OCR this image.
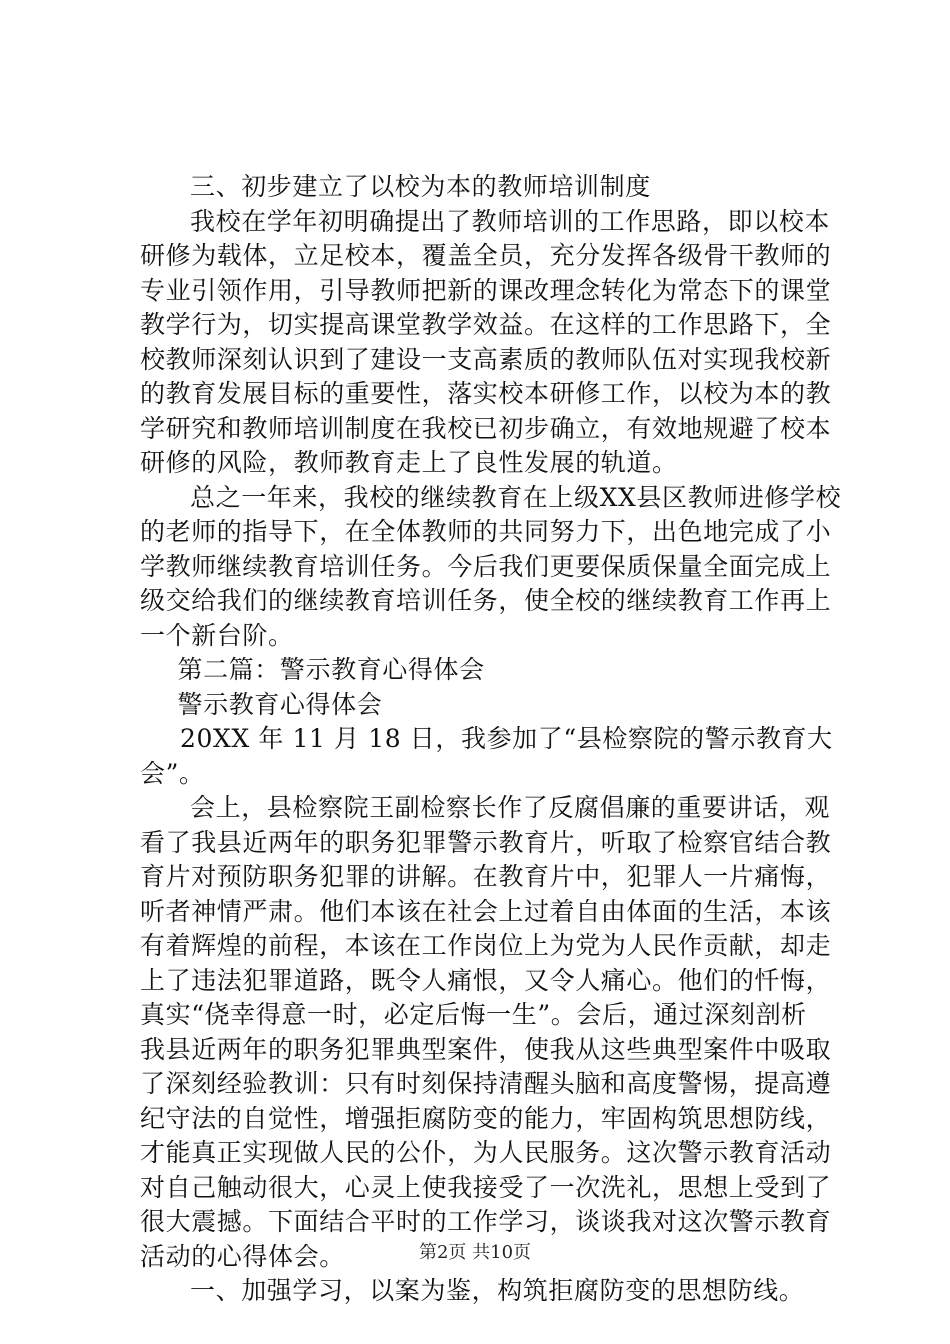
三、初步建立了以校为本的教师培训制度
我校在学年初明确提出了教师培训的工作思路，即以校本
研修为载体，立足校本，覆盖全员，充分发挥各级骨干教师的
专业引领作用，引导教师把新的课改理念转化为常态下的课堂
教学行为，切实提高课堂教学效益。在这样的工作思路下，全
校教师深刻认识到了建设一支高素质的教师队伍对实现我校新
的教育发展目标的重要性，落实校本研修工作，以校为本的教
学研究和教师培训制度在我校已初步确立，有效地规避了校本
研修的风险，教师教育走上了良性发展的轨道。
总之一年来，我校的继续教育在上级XX县区教师进修学校
的老师的指导下，在全体教师的共同努力下，出色地完成了小
学教师继续教育培训任务。今后我们更要保质保量全面完成上
级交给我们的继续教育培训任务，使全校的继续教育工作再上
一个新台阶。
第二篇：警示教育心得体会
警示教育心得体会
20XX 年 11 月 18 日，我参加了“县检察院的警示教育大
会”。
会上，县检察院王副检察长作了反腐倡廉的重要讲话，观
看了我县近两年的职务犯罪警示教育片，听取了检察官结合教
育片对预防职务犯罪的讲解。在教育片中，犯罪人一片痛悔，
听者神情严肃。他们本该在社会上过着自由体面的生活，本该
有着辉煌的前程，本该在工作岗位上为党为人民作贡献，却走
上了违法犯罪道路，既令人痛恨，又令人痛心。他们的忏悔，
真实“侥幸得意一时，必定后悔一生”。会后，通过深刻剖析
我县近两年的职务犯罪典型案件，使我从这些典型案件中吸取
了深刻经验教训：只有时刻保持清醒头脑和高度警惕，提高遵
纪守法的自觉性，增强拒腐防变的能力，牢固构筑思想防线，
才能真正实现做人民的公仆，为人民服务。这次警示教育活动
对自己触动很大，心灵上使我接受了一次洗礼，思想上受到了
很大震撼。下面结合平时的工作学习，谈谈我对这次警示教育
活动的心得体会。
一、加强学习，以案为鉴，构筑拒腐防变的思想防线。
第2页 共10页
